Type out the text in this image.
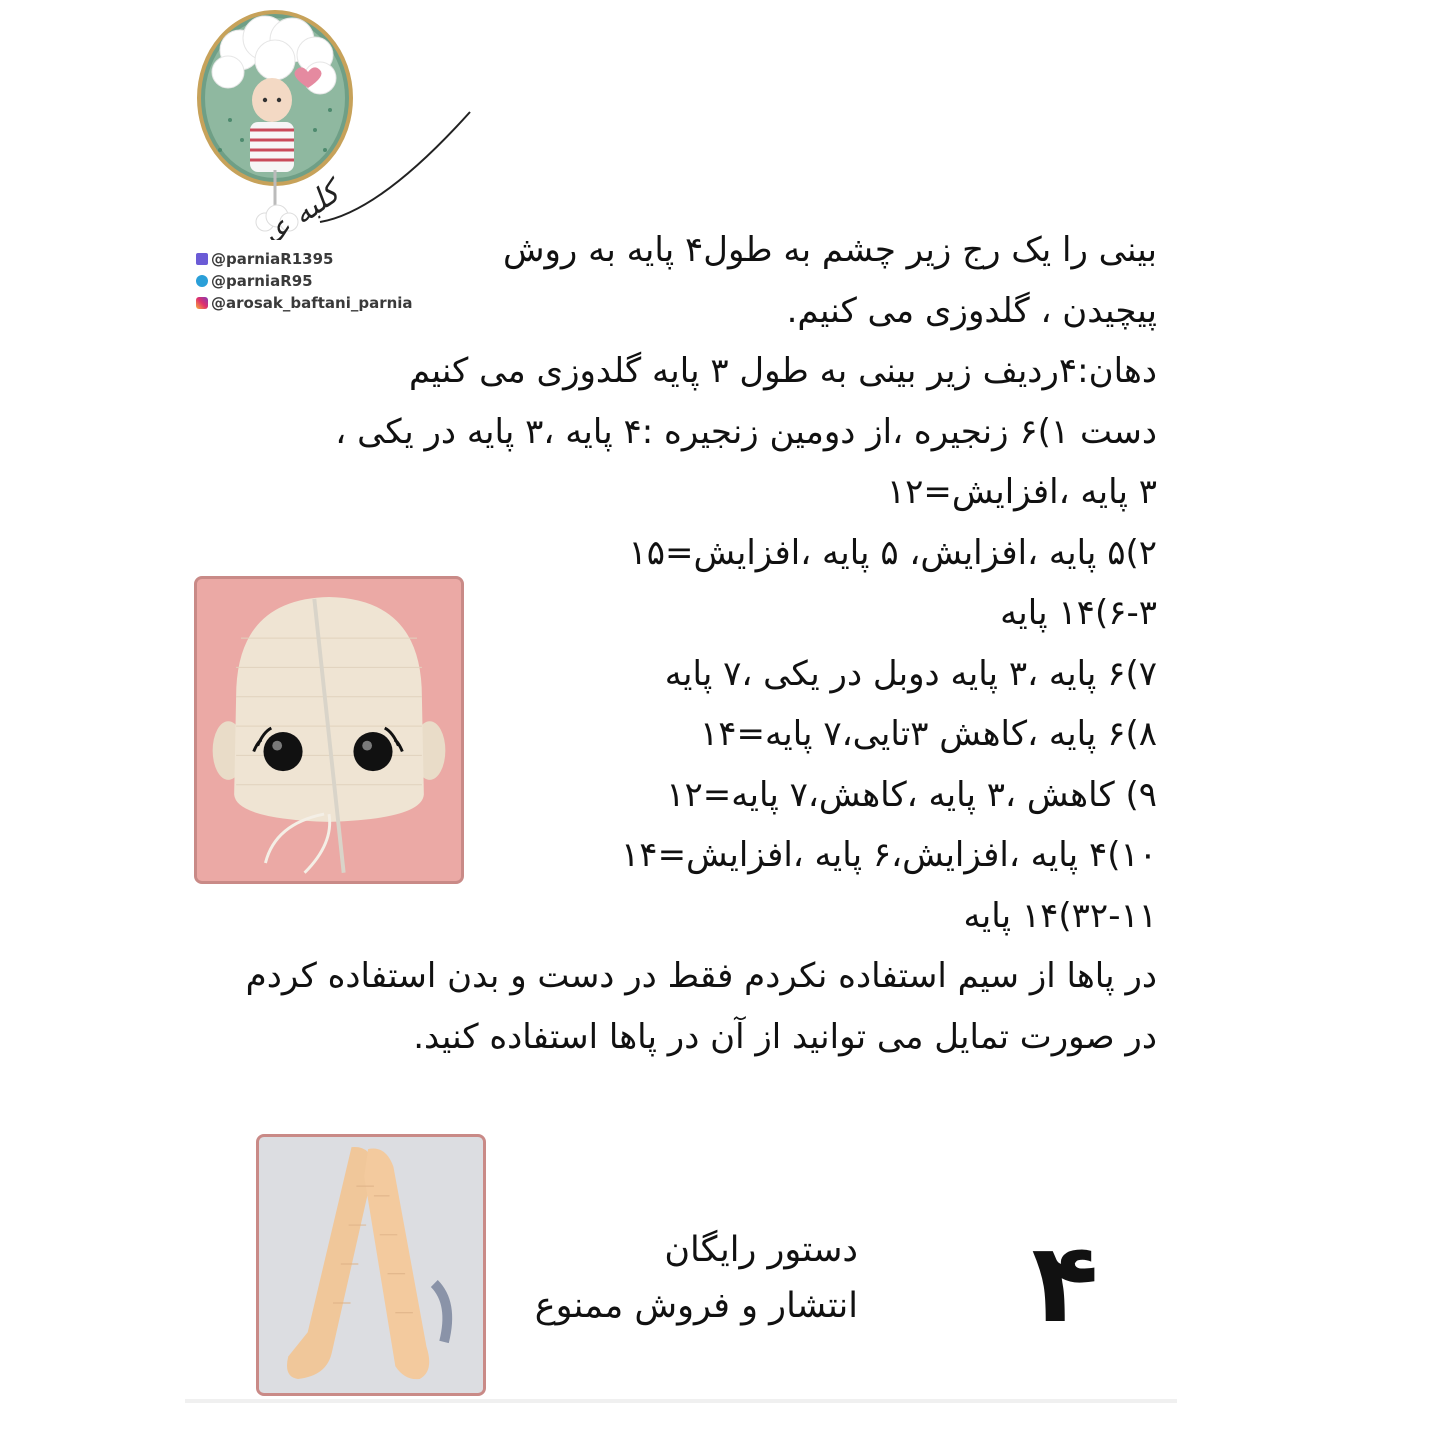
@parniaR1395
@parniaR95
@arosak_baftani_parnia
بینی را یک رج زیر چشم به طول۴ پایه به روش
پیچیدن ، گلدوزی می کنیم.
دهان:۴ردیف زیر بینی به طول ۳ پایه گلدوزی می کنیم
دست ۱)۶ زنجیره ،از دومین زنجیره :۴ پایه ،۳ پایه در یکی ،
۳ پایه ،افزایش=۱۲
۲)۵ پایه ،افزایش، ۵ پایه ،افزایش=۱۵
۶-۳)۱۴ پایه
۷)۶ پایه ،۳ پایه دوبل در یکی ،۷ پایه
۸)۶ پایه ،کاهش ۳تایی،۷ پایه=۱۴
۹) کاهش ،۳ پایه ،کاهش،۷ پایه=۱۲
۱۰)۴ پایه ،افزایش،۶ پایه ،افزایش=۱۴
۳۲-۱۱)۱۴ پایه
در پاها از سیم استفاده نکردم فقط در دست و بدن استفاده کردم
در صورت تمایل می توانید از آن در پاها استفاده کنید.
دستور رایگان
انتشار و فروش ممنوع ۴
